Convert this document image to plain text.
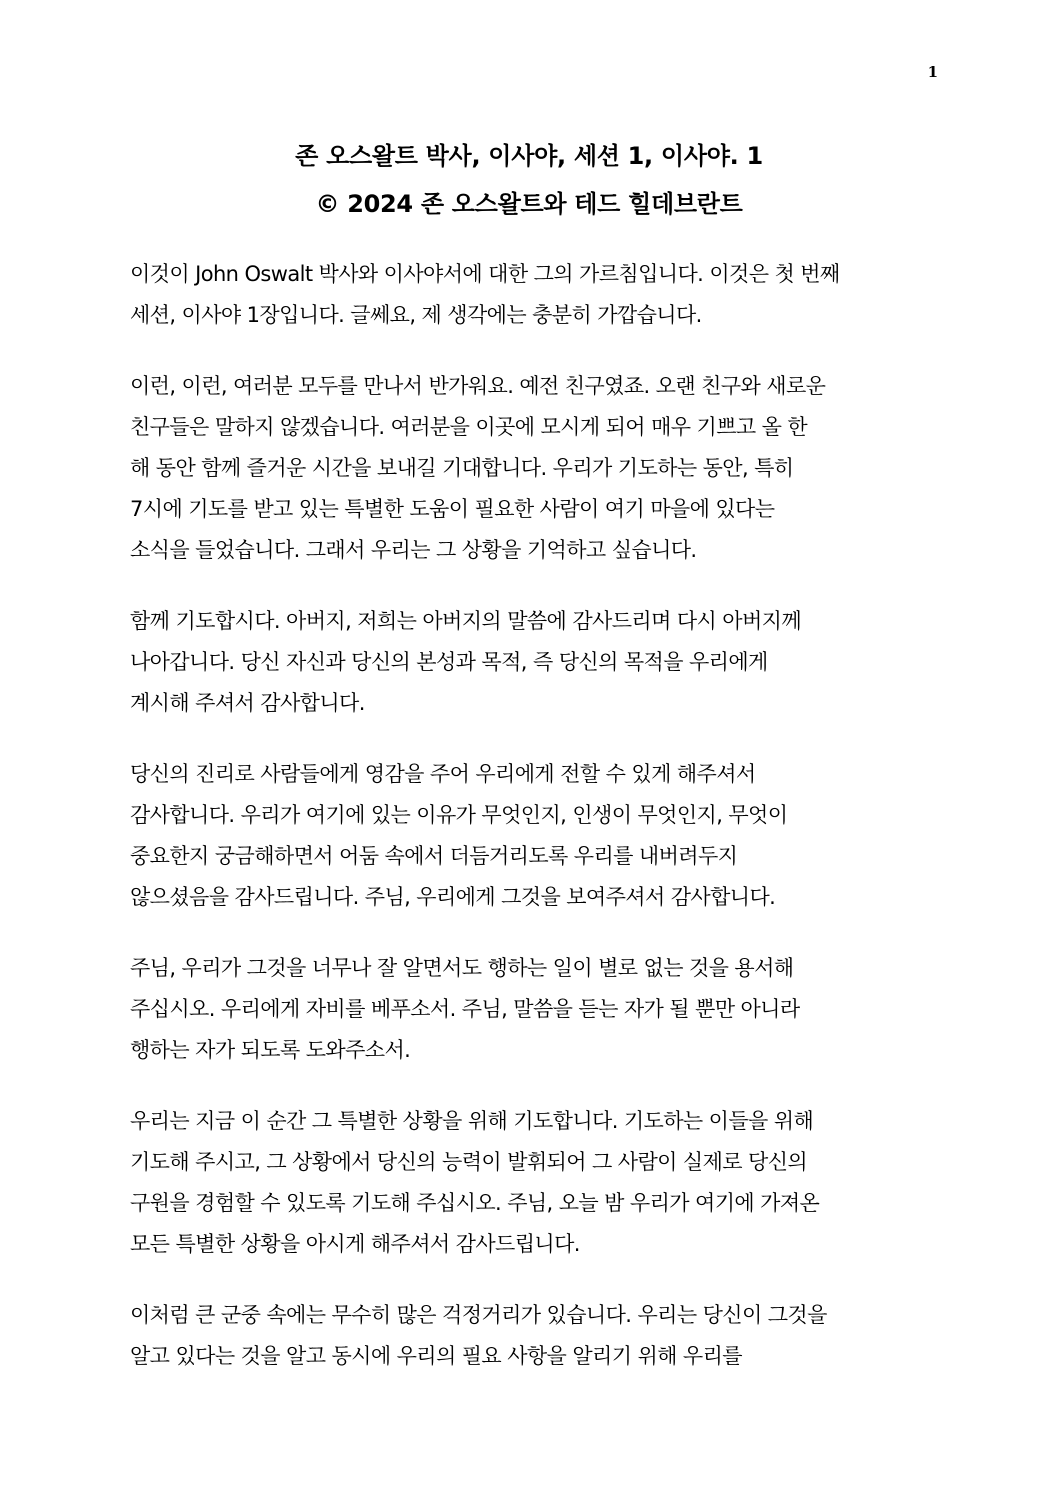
1
존 오스왈트 박사, 이사야, 세션 1, 이사야. 1
© 2024 존 오스왈트와 테드 힐데브란트
이것이 John Oswalt 박사와 이사야서에 대한 그의 가르침입니다. 이것은 첫 번째
세션, 이사야 1장입니다. 글쎄요, 제 생각에는 충분히 가깝습니다.
이런, 이런, 여러분 모두를 만나서 반가워요. 예전 친구였죠. 오랜 친구와 새로운
친구들은 말하지 않겠습니다. 여러분을 이곳에 모시게 되어 매우 기쁘고 올 한
해 동안 함께 즐거운 시간을 보내길 기대합니다. 우리가 기도하는 동안, 특히
7시에 기도를 받고 있는 특별한 도움이 필요한 사람이 여기 마을에 있다는
소식을 들었습니다. 그래서 우리는 그 상황을 기억하고 싶습니다.
함께 기도합시다. 아버지, 저희는 아버지의 말씀에 감사드리며 다시 아버지께
나아갑니다. 당신 자신과 당신의 본성과 목적, 즉 당신의 목적을 우리에게
계시해 주셔서 감사합니다.
당신의 진리로 사람들에게 영감을 주어 우리에게 전할 수 있게 해주셔서
감사합니다. 우리가 여기에 있는 이유가 무엇인지, 인생이 무엇인지, 무엇이
중요한지 궁금해하면서 어둠 속에서 더듬거리도록 우리를 내버려두지
않으셨음을 감사드립니다. 주님, 우리에게 그것을 보여주셔서 감사합니다.
주님, 우리가 그것을 너무나 잘 알면서도 행하는 일이 별로 없는 것을 용서해
주십시오. 우리에게 자비를 베푸소서. 주님, 말씀을 듣는 자가 될 뿐만 아니라
행하는 자가 되도록 도와주소서.
우리는 지금 이 순간 그 특별한 상황을 위해 기도합니다. 기도하는 이들을 위해
기도해 주시고, 그 상황에서 당신의 능력이 발휘되어 그 사람이 실제로 당신의
구원을 경험할 수 있도록 기도해 주십시오. 주님, 오늘 밤 우리가 여기에 가져온
모든 특별한 상황을 아시게 해주셔서 감사드립니다.
이처럼 큰 군중 속에는 무수히 많은 걱정거리가 있습니다. 우리는 당신이 그것을
알고 있다는 것을 알고 동시에 우리의 필요 사항을 알리기 위해 우리를
